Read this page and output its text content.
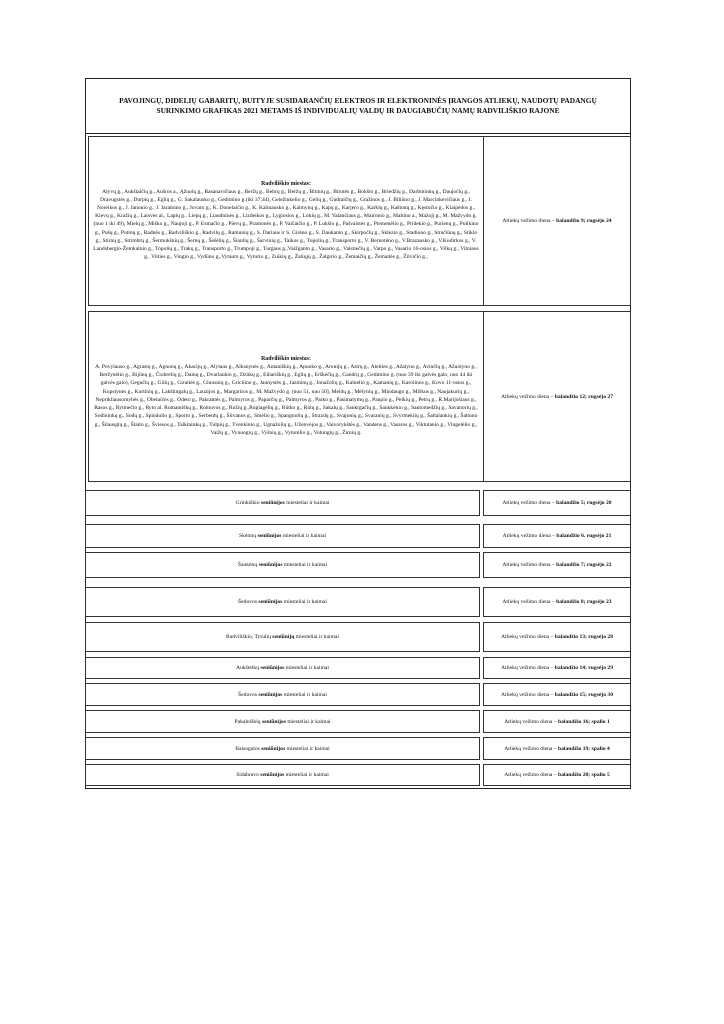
PAVOJINGŲ, DIDELIŲ GABARITŲ, BUITYJE SUSIDARANČIŲ ELEKTROS IR ELEKTRONINĖS ĮRANGOS ATLIEKŲ, NAUDOTŲ PADANGŲ SURINKIMO GRAFIKAS 2021 METAMS IŠ INDIVIDUALIŲ VALDŲ IR DAUGIABUČIŲ NAMŲ RADVILIŠKIO RAJONE

Radviliškio miestas:

Alyvų g., Aukštaičių g., Aušros a., Ąžuolų g., Basanavičiaus g., Beržų g., Bebrų g., Beržų g., Bitinių g., Birutės g., Bokšto g., Briedžių g., Darbininkų g., Daujočių g., Dravugstės g., Durpių g., Eglių g., G. Sakalausko g., Gedimino g.(iki 37;44), Geležinkelio g., Gelių g., Gudraičių g., Gražinos g., J. Biliūno g., J. Marcinkevičiaus g., J. Noreikos g., J. Janonio g., J. Jaramino g., Jovaro g., K. Donelaičio g., K. Kalinausko g., Kaimynų g., Kapų g., Karjero g., Karklų g., Kaštonų g., Kęstučio g., Klaipėdos g., Klevų g., Kražių g., Laisvės al., Lapių g., Liepų g., Liaudninės g., Lizdeikos g., Lygiosios g., Lokių g., M. Valančiaus g., Maironio g., Maltino a., Mažoji g., M. Mažvydo g. (nuo 1 iki 49), Mielų g., Miško g., Naujoji g., P. Esmačio g., Pievų g., Pramonės g., P. Vaičaičio g., P. Lukšio g., Pašvaistės g., Piemenėlio g., Pridekio g., Purienų g., Poilkino g., Pušų g., Putinų g., Radnės g., Radviliškio g., Radvilų g., Ramunių g., S. Dariaus ir S. Girėno g., S. Daukanto g., Skirpočių g., Sklezio g., Stadiono g., Stračiūnų g., Stiklo g., Stirnų g., Strimbrų g., Šermukšnių g., Šernų g., Šešėlių g., Šiaulių g., Šarvinių g., Taikos g., Topolių g., Transporto g., V. Bernotėno g., V.Brazausko g., V.Kudirkos g., V. Landsbergio-Žemkalnio g., Topolių g., Trakų g., Transporto g., Trumpoji g., Turgaus g.,Vaižganto g., Vasario g., Valstiečių g., Varpo g., Vasario 16-osios g., Vilkų g., Vilniaus g., Vilties g., Vingio g., Vydūno g.,Vytauto g., Vyturio g., Zuikių g., Žaliųjų g., Žalgirio g., Žemaičių g., Žemaitės g., Žilvičio g.,

Atliekų vežimo diena – balandžio 9; rugsėjo 24
Radviliškio miestas:

A. Povylauso g., Agrastų g., Agnonų g., Akacijų g., Alytaus g., Alksnynės g., Antaniškių g., Apuoko g., Aronijų g., Astrų g., Ateities g., Ažalyno g., Avinčių g., Ažuolyno g., Beržynėlio g., Bijūnų g., Čiobrelių g., Dainų g., Dvarlaukio g., Dzūkų g., Eibariškių g., Eglių g., Erškėčių g., Gandrų g., Gedimino g. (nuo 39 iki galvės galo, nuo 44 iki galvės galo), Gegučių g., Gilių g., Giraitės g., Gluosnių g., Griciūno g., Jaunystės g., Jazminų g., Jonažolių g., Kalnelio g., Kamanių g., Karolinos g., Kovo 11-osios g., Kupstynės g., Kurtinių g., Lakštingalų g., Lauzijos g., Margaritos g., M. Mažvydo g. (nuo 51, nuo 50), Meldų g., Mėlynių g., Mindaugo g., Miškus g., Naujakurių g., Neprikliausomybės g., Obelaičės g., Odeto g., Pakrantės g., Palmyros g., Paparčių g., Palmyros g., Parko g., Pasimatymų g., Paupio g., Pelkių g., Petrų g., R.Marijošiaus g., Rasos g., Rytmečio g., Ryto al. Romantiškų g., Romuvos g., Rožių g.,Rugiagėlių g., Rūtko g., Rūtų g., Sakalų g., Sankrgačių g., Sankkėnio g., Santomedžių g., Savanorių g., Sodininkų g., Sodų g., Spindulio g., Sporto g., Serbentų g., Šilvanos g., Smėlio g., Spanguolių g., Strazdų g., Svajonių g., Svaranių g., Svyrmeklių g., Šaltalankių g., Šaltuno g., Šilausgių g., Šlaito g., Šviesos g., Talkininkų g., Tulpių g., Tvenkinio g., Ugnažolių g., Uženvėjos g., Vaivorykštės g., Vandens g., Vasaros g., Viktutanio g., Vingelėlio g., Vaižų g., Vynuogių g., Vyšnių g., Vyturėlio g., Volungių g., Žirnių g.

Atliekų vežimo diena – balandžio 12; rugsėjo 27
Grinkiškio seniūnijos miesteliai ir kaimai	Atliekų vežimo diena – balandžio 5; rugsėjo 20
Skėmių seniūnijos miesteliai ir kaimai	Atliekų vežimo diena – balandžio 6. rugsėjo 21
Šaukėnų seniūnijos miesteliai ir kaimai	Atliekų vežimo diena – balandžio 7; rugsėjo 22
Šeduvos seniūnijos miesteliai ir kaimai	Atliekų vežimo diena – balandžio 8; rugsėjo 23
Radviliškio, Tyrulių seniūnijų miesteliai ir kaimai	Atliekų vežimo diena – balandžio 13; rugsėjo 28
Aukštelkų seniūnijos miesteliai ir kaimai	Atliekų vežimo diena – balandžio 14; rugsėjo 29
Šeduvos seniūnijos miesteliai ir kaimai	Atliekų vežimo diena – balandžio 15; rugsėjo 30
Pakalniškių seniūnijos miesteliai ir kaimai	Atliekų vežimo diena – balandžio 16; spalio 1
Baisogalos seniūnijos miesteliai ir kaimai	Atliekų vežimo diena – balandžio 19; spalio 4
Sidabravo seniūnijos miesteliai ir kaimai	Atliekų vežimo diena – balandžio 20; spalio 5
